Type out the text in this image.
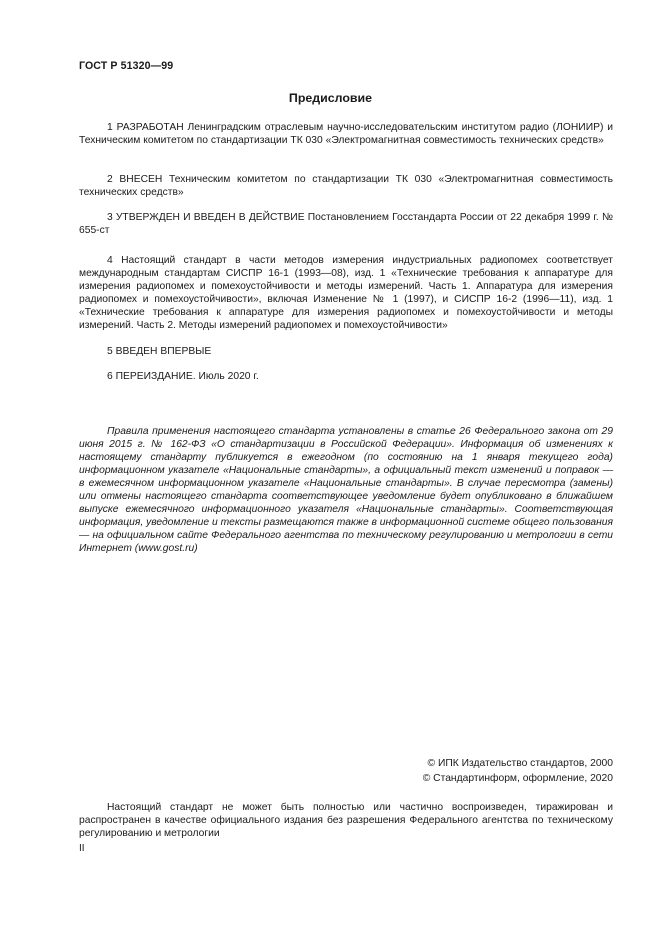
ГОСТ Р 51320—99
Предисловие

1 РАЗРАБОТАН Ленинградским отраслевым научно-исследовательским институтом радио (ЛОНИИР) и Техническим комитетом по стандартизации ТК 030 «Электромагнитная совместимость технических средств»

2 ВНЕСЕН Техническим комитетом по стандартизации ТК 030 «Электромагнитная совместимость технических средств»

3 УТВЕРЖДЕН И ВВЕДЕН В ДЕЙСТВИЕ Постановлением Госстандарта России от 22 декабря 1999 г. № 655-ст

4 Настоящий стандарт в части методов измерения индустриальных радиопомех соответствует международным стандартам СИСПР 16-1 (1993—08), изд. 1 «Технические требования к аппаратуре для измерения радиопомех и помехоустойчивости и методы измерений. Часть 1. Аппаратура для измерения радиопомех и помехоустойчивости», включая Изменение № 1 (1997), и СИСПР 16-2 (1996—11), изд. 1 «Технические требования к аппаратуре для измерения радиопомех и помехоустойчивости и методы измерений. Часть 2. Методы измерений радиопомех и помехоустойчивости»

5 ВВЕДЕН ВПЕРВЫЕ

6 ПЕРЕИЗДАНИЕ. Июль 2020 г.

Правила применения настоящего стандарта установлены в статье 26 Федерального закона от 29 июня 2015 г. № 162-ФЗ «О стандартизации в Российской Федерации». Информация об изменениях к настоящему стандарту публикуется в ежегодном (по состоянию на 1 января текущего года) информационном указателе «Национальные стандарты», а официальный текст изменений и поправок — в ежемесячном информационном указателе «Национальные стандарты». В случае пересмотра (замены) или отмены настоящего стандарта соответствующее уведомление будет опубликовано в ближайшем выпуске ежемесячного информационного указателя «Национальные стандарты». Соответствующая информация, уведомление и тексты размещаются также в информационной системе общего пользования — на официальном сайте Федерального агентства по техническому регулированию и метрологии в сети Интернет (www.gost.ru)

© ИПК Издательство стандартов, 2000

© Стандартинформ, оформление, 2020

Настоящий стандарт не может быть полностью или частично воспроизведен, тиражирован и распространен в качестве официального издания без разрешения Федерального агентства по техническому регулированию и метрологии

II
